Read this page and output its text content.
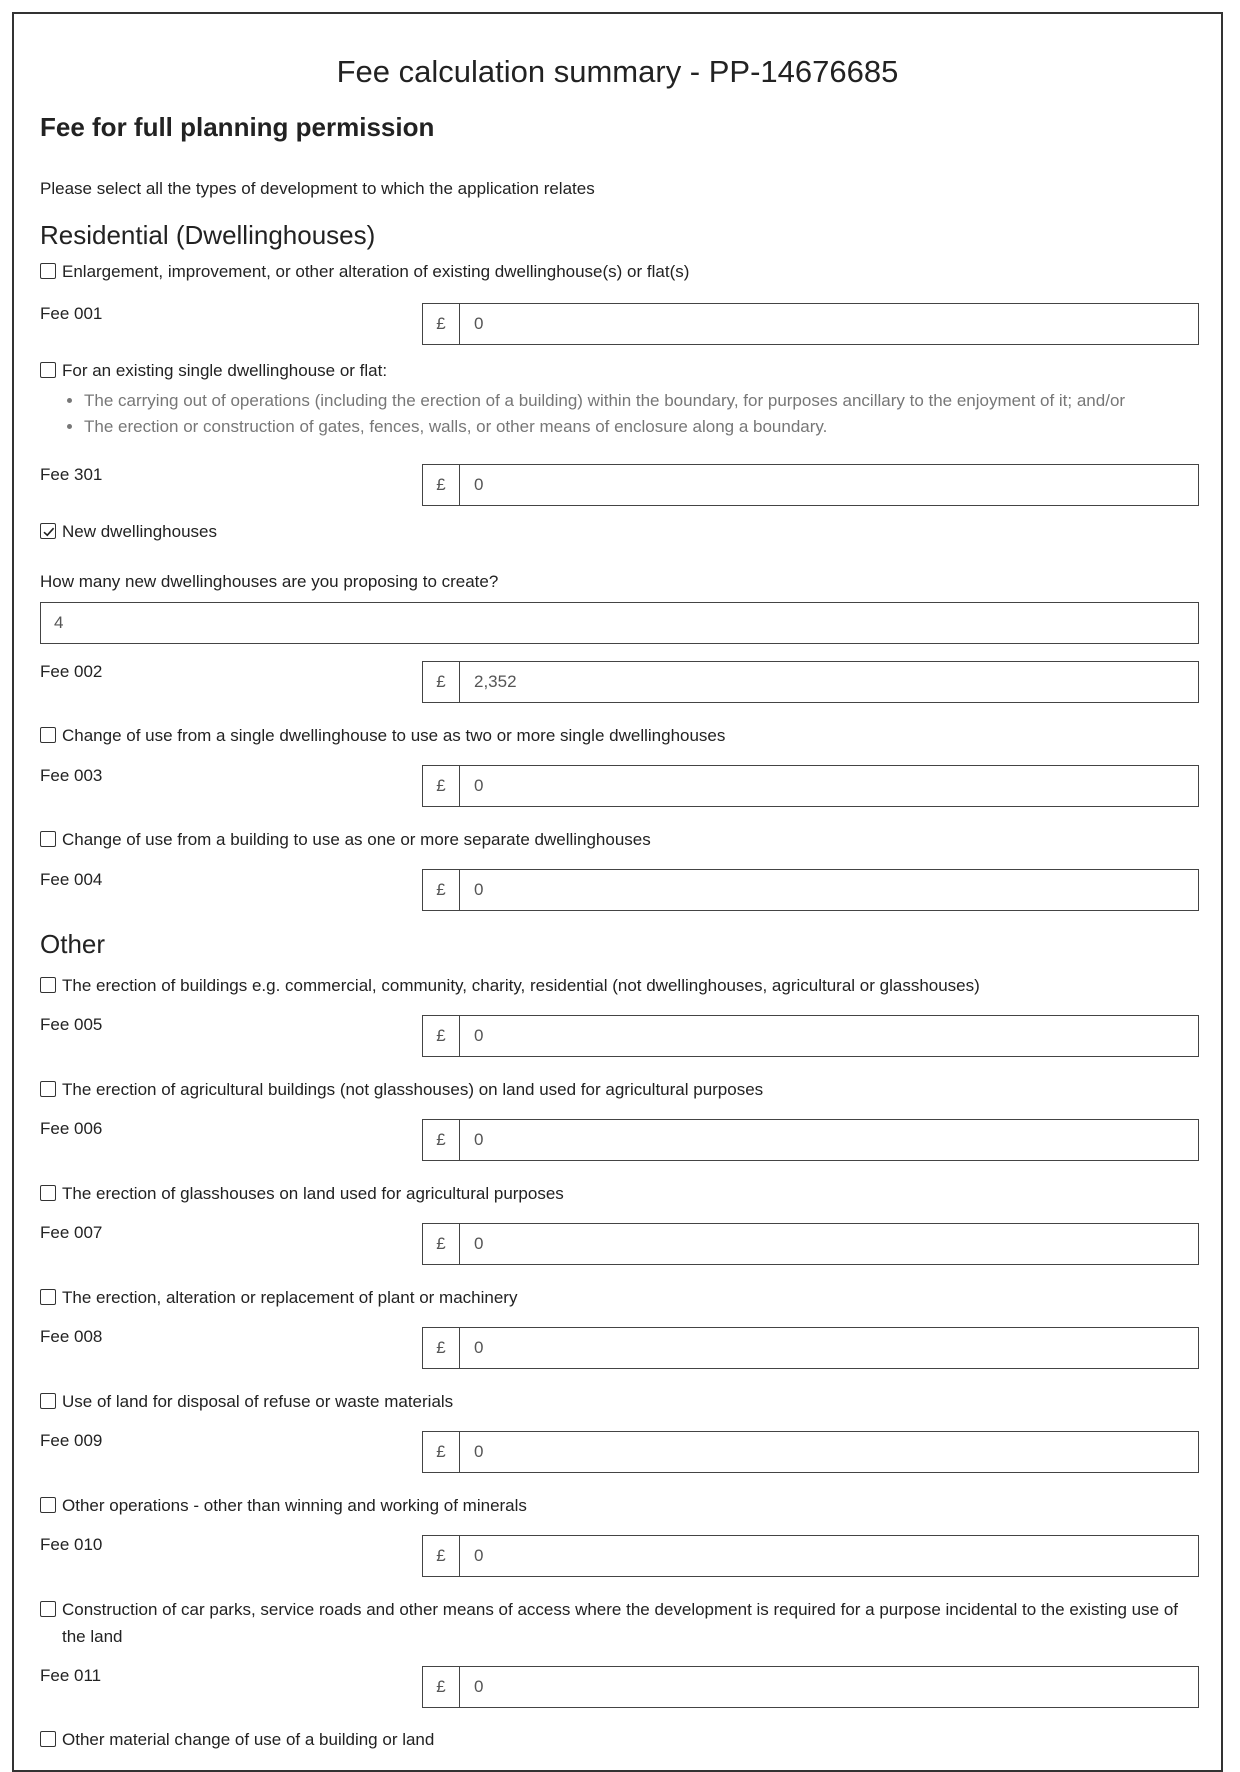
Fee calculation summary - PP-14676685
Fee for full planning permission
Please select all the types of development to which the application relates
Residential (Dwellinghouses)
Enlargement, improvement, or other alteration of existing dwellinghouse(s) or flat(s)
Fee 001
£	0
For an existing single dwellinghouse or flat:
• The carrying out of operations (including the erection of a building) within the boundary, for purposes ancillary to the enjoyment of it; and/or
• The erection or construction of gates, fences, walls, or other means of enclosure along a boundary.
Fee 301
£	0
New dwellinghouses
How many new dwellinghouses are you proposing to create?
4
Fee 002
£	2,352
Change of use from a single dwellinghouse to use as two or more single dwellinghouses
Fee 003
£	0
Change of use from a building to use as one or more separate dwellinghouses
Fee 004
£	0
Other
The erection of buildings e.g. commercial, community, charity, residential (not dwellinghouses, agricultural or glasshouses)
Fee 005
£	0
The erection of agricultural buildings (not glasshouses) on land used for agricultural purposes
Fee 006
£	0
The erection of glasshouses on land used for agricultural purposes
Fee 007
£	0
The erection, alteration or replacement of plant or machinery
Fee 008
£	0
Use of land for disposal of refuse or waste materials
Fee 009
£	0
Other operations - other than winning and working of minerals
Fee 010
£	0
Construction of car parks, service roads and other means of access where the development is required for a purpose incidental to the existing use of the land
Fee 011
£	0
Other material change of use of a building or land
